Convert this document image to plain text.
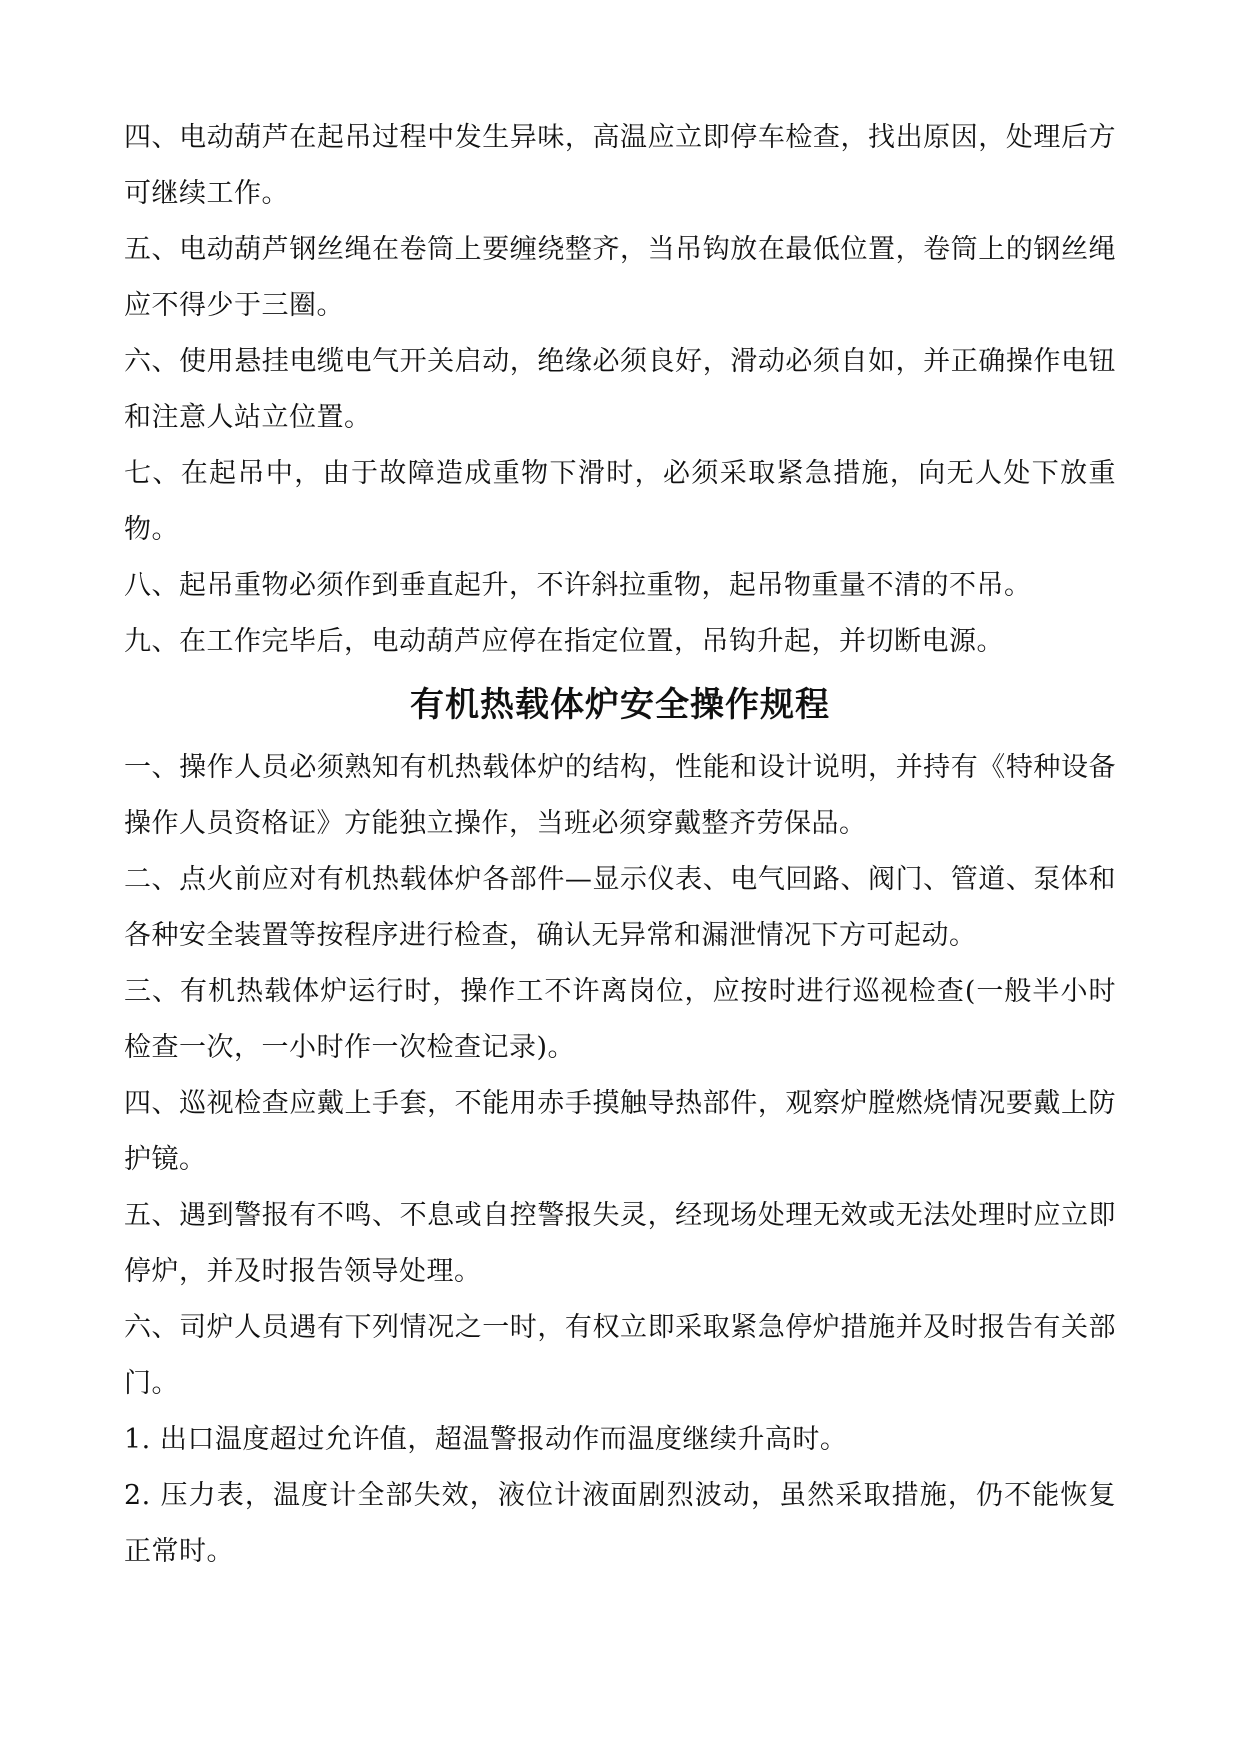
四、电动葫芦在起吊过程中发生异味，高温应立即停车检查，找出原因，处理后方可继续工作。

五、电动葫芦钢丝绳在卷筒上要缠绕整齐，当吊钩放在最低位置，卷筒上的钢丝绳应不得少于三圈。

六、使用悬挂电缆电气开关启动，绝缘必须良好，滑动必须自如，并正确操作电钮和注意人站立位置。

七、在起吊中，由于故障造成重物下滑时，必须采取紧急措施，向无人处下放重物。

八、起吊重物必须作到垂直起升，不许斜拉重物，起吊物重量不清的不吊。

九、在工作完毕后，电动葫芦应停在指定位置，吊钩升起，并切断电源。

有机热载体炉安全操作规程

一、操作人员必须熟知有机热载体炉的结构，性能和设计说明，并持有《特种设备操作人员资格证》方能独立操作，当班必须穿戴整齐劳保品。

二、点火前应对有机热载体炉各部件—显示仪表、电气回路、阀门、管道、泵体和各种安全装置等按程序进行检查，确认无异常和漏泄情况下方可起动。

三、有机热载体炉运行时，操作工不许离岗位，应按时进行巡视检查(一般半小时检查一次，一小时作一次检查记录)。

四、巡视检查应戴上手套，不能用赤手摸触导热部件，观察炉膛燃烧情况要戴上防护镜。

五、遇到警报有不鸣、不息或自控警报失灵，经现场处理无效或无法处理时应立即停炉，并及时报告领导处理。

六、司炉人员遇有下列情况之一时，有权立即采取紧急停炉措施并及时报告有关部门。

1. 出口温度超过允许值，超温警报动作而温度继续升高时。

2. 压力表，温度计全部失效，液位计液面剧烈波动，虽然采取措施，仍不能恢复正常时。
